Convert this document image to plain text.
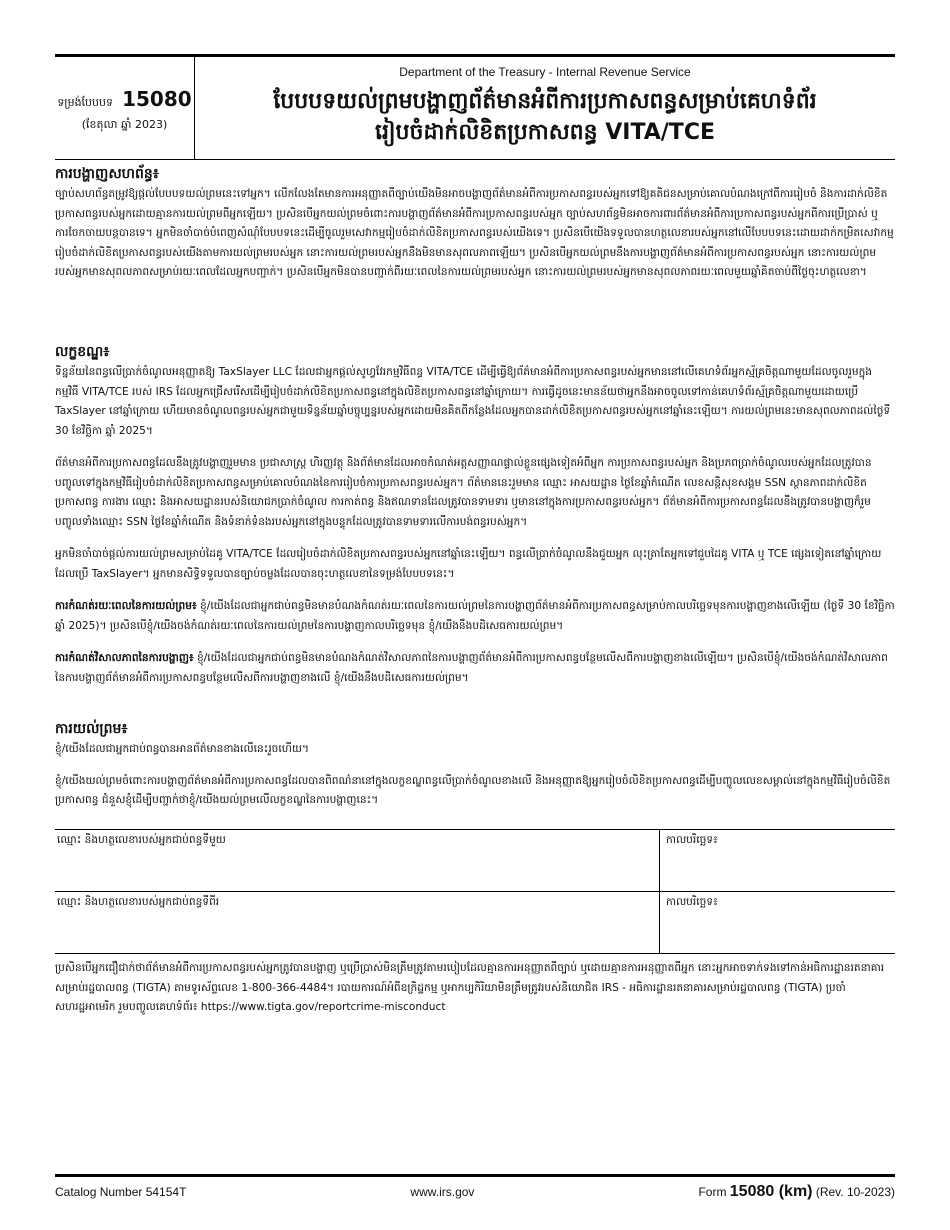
ទម្រង់បែបបទ 15080
(ខែតុលា ឆ្នាំ 2023)
Department of the Treasury - Internal Revenue Service
បែបបទយល់ព្រមបង្ហាញព័ត៌មានអំពីការប្រកាសពន្ធសម្រាប់គេហទំព័រ
រៀបចំដាក់លិខិតប្រកាសពន្ធ VITA/TCE

ការបង្ហាញសហព័ន្ធ៖

ច្បាប់សហព័ន្ធតម្រូវឱ្យផ្តល់បែបបទយល់ព្រមនេះទៅអ្នក។ លើកលែងតែមានការអនុញ្ញាតពីច្បាប់យើងមិនអាចបង្ហាញព័ត៌មានអំពីការប្រកាសពន្ធរបស់អ្នកទៅឱ្យគតិជនសម្រាប់គោលបំណងក្រៅពីការរៀបចំ និងការដាក់លិខិតប្រកាសពន្ធរបស់អ្នកដោយគ្មានការយល់ព្រមពីអ្នកឡើយ។ ប្រសិនបើអ្នកយល់ព្រមចំពោះការបង្ហាញព័ត៌មានអំពីការប្រកាសពន្ធរបស់អ្នក ច្បាប់សហព័ន្ធមិនអាចការពារព័ត៌មានអំពីការប្រកាសពន្ធរបស់អ្នកពីការប្រើប្រាស់ ឬការចែកចាយបន្តបានទេ។ អ្នកមិនចាំបាច់បំពេញសំណុំបែបបទនេះដើម្បីចូលរួមសេវាកម្មរៀបចំដាក់លិខិតប្រកាសពន្ធរបស់យើងទេ។ ប្រសិនបើយើងទទួលបានហត្ថលេខារបស់អ្នកនៅលើបែបបទនេះដោយដាក់កម្រិតសេវាកម្មរៀបចំដាក់លិខិតប្រកាសពន្ធរបស់យើងតាមការយល់ព្រមរបស់អ្នក នោះការយល់ព្រមរបស់អ្នកនឹងមិនមានសុពលភាពឡើយ។ ប្រសិនបើអ្នកយល់ព្រមនឹងការបង្ហាញព័ត៌មានអំពីការប្រកាសពន្ធរបស់អ្នក នោះការយល់ព្រមរបស់អ្នកមានសុពលភាពសម្រាប់រយៈពេលដែលអ្នកបញ្ជាក់។ ប្រសិនបើអ្នកមិនបានបញ្ជាក់ពីរយៈពេលនៃការយល់ព្រមរបស់អ្នក នោះការយល់ព្រមរបស់អ្នកមានសុពលភាពរយៈពេលមួយឆ្នាំគិតចាប់ពីថ្ងៃចុះហត្ថលេខា។

លក្ខខណ្ឌ៖

ទិន្នន័យនៃពន្ធលើប្រាក់ចំណូលអនុញ្ញាតឱ្យ TaxSlayer LLC ដែលជាអ្នកផ្តល់សូហ្វវែរកម្មវិធីពន្ធ VITA/TCE ដើម្បីធ្វើឱ្យព័ត៌មានអំពីការប្រកាសពន្ធរបស់អ្នកមាននៅលើគេហទំព័រអ្នកស្ម័គ្រចិត្តណាមួយដែលចូលរួមក្នុងកម្មវិធី VITA/TCE របស់ IRS ដែលអ្នកជ្រើសរើសដើម្បីរៀបចំដាក់លិខិតប្រកាសពន្ធនៅក្នុងលិខិតប្រកាសពន្ធនៅឆ្នាំក្រោយ។ ការធ្វើដូចនេះមានន័យថាអ្នកនឹងអាចចូលទៅកាន់គេហទំព័រស្ម័គ្រចិត្តណាមួយដោយប្រើ TaxSlayer នៅឆ្នាំក្រោយ ហើយមានចំណូលពន្ធរបស់អ្នកជាមួយទិន្នន័យឆ្នាំបច្ចុប្បន្នរបស់អ្នកដោយមិនគិតពីកន្លែងដែលអ្នកបានដាក់លិខិតប្រកាសពន្ធរបស់អ្នកនៅឆ្នាំនេះឡើយ។ ការយល់ព្រមនេះមានសុពលភាពដល់ថ្ងៃទី 30 ខែវិច្ឆិកា ឆ្នាំ 2025។

ព័ត៌មានអំពីការប្រកាសពន្ធដែលនឹងត្រូវបង្ហាញរួមមាន ប្រជាសាស្រ្ត ហិរញ្ញវត្ថុ និងព័ត៌មានដែលអាចកំណត់អត្តសញ្ញាណផ្ទាល់ខ្លួនផ្សេងទៀតអំពីអ្នក ការប្រកាសពន្ធរបស់អ្នក និងប្រភពប្រាក់ចំណូលរបស់អ្នកដែលត្រូវបានបញ្ចូលទៅក្នុងកម្មវិធីរៀបចំដាក់លិខិតប្រកាសពន្ធសម្រាប់គោលបំណងនៃការរៀបចំការប្រកាសពន្ធរបស់អ្នក។ ព័ត៌មាននេះរួមមាន ឈ្មោះ អាសយដ្ឋាន ថ្ងៃខែឆ្នាំកំណើត លេខសន្តិសុខសង្គម SSN ស្ថានភាពដាក់លិខិតប្រកាសពន្ធ ការងារ ឈ្មោះ និងអាសយដ្ឋានរបស់និយោជកប្រាក់ចំណូល ការកាត់ពន្ធ និងឥណទានដែលត្រូវបានទាមទារ ឬមាននៅក្នុងការប្រកាសពន្ធរបស់អ្នក។ ព័ត៌មានអំពីការប្រកាសពន្ធដែលនឹងត្រូវបានបង្ហាញក៏រួមបញ្ចូលទាំងឈ្មោះ SSN ថ្ងៃខែឆ្នាំកំណើត និងទំនាក់ទំនងរបស់អ្នកនៅក្នុងបន្ទុកដែលត្រូវបានទាមទារលើការបង់ពន្ធរបស់អ្នក។

អ្នកមិនចាំបាច់ផ្តល់ការយល់ព្រមសម្រាប់ដៃគូ VITA/TCE ដែលរៀបចំដាក់លិខិតប្រកាសពន្ធរបស់អ្នកនៅឆ្នាំនេះឡើយ។ ពន្ធលើប្រាក់ចំណូលនឹងជួយអ្នក លុះត្រាតែអ្នកទៅជួបដៃគូ VITA ឬ TCE ផ្សេងទៀតនៅឆ្នាំក្រោយដែលប្រើ TaxSlayer។ អ្នកមានសិទ្ធិទទួលបានច្បាប់ចម្លងដែលបានចុះហត្ថលេខានៃទម្រង់បែបបទនេះ។

ការកំណត់រយៈពេលនៃការយល់ព្រម៖ ខ្ញុំ/យើងដែលជាអ្នកជាប់ពន្ធមិនមានបំណងកំណត់រយៈពេលនៃការយល់ព្រមនៃការបង្ហាញព័ត៌មានអំពីការប្រកាសពន្ធសម្រាប់កាលបរិច្ឆេទមុនការបង្ហាញខាងលើឡើយ (ថ្ងៃទី 30 ខែវិច្ឆិកាឆ្នាំ 2025)។ ប្រសិនបើខ្ញុំ/យើងចង់កំណត់រយៈពេលនៃការយល់ព្រមនៃការបង្ហាញកាលបរិច្ឆេទមុន ខ្ញុំ/យើងនឹងបដិសេធការយល់ព្រម។

ការកំណត់វិសាលភាពនៃការបង្ហាញ៖ ខ្ញុំ/យើងដែលជាអ្នកជាប់ពន្ធមិនមានបំណងកំណត់វិសាលភាពនៃការបង្ហាញព័ត៌មានអំពីការប្រកាសពន្ធបន្ថែមលើសពីការបង្ហាញខាងលើឡើយ។ ប្រសិនបើខ្ញុំ/យើងចង់កំណត់វិសាលភាពនៃការបង្ហាញព័ត៌មានអំពីការប្រកាសពន្ធបន្ថែមលើសពីការបង្ហាញខាងលើ ខ្ញុំ/យើងនឹងបដិសេធការយល់ព្រម។

ការយល់ព្រម៖

ខ្ញុំ/យើងដែលជាអ្នកជាប់ពន្ធបានអានព័ត៌មានខាងលើនេះរួចហើយ។

ខ្ញុំ/យើងយល់ព្រមចំពោះការបង្ហាញព័ត៌មានអំពីការប្រកាសពន្ធដែលបានពិពណ៌នានៅក្នុងលក្ខខណ្ឌពន្ធលើប្រាក់ចំណូលខាងលើ និងអនុញ្ញាតឱ្យអ្នករៀបចំលិខិតប្រកាសពន្ធដើម្បីបញ្ចូលលេខសម្គាល់នៅក្នុងកម្មវិធីរៀបចំលិខិតប្រកាសពន្ធ ជំនួសខ្ញុំដើម្បីបញ្ជាក់ថាខ្ញុំ/យើងយល់ព្រមលើលក្ខខណ្ឌនៃការបង្ហាញនេះ។

ឈ្មោះ និងហត្ថលេខារបស់អ្នកជាប់ពន្ធទីមួយ	កាលបរិច្ឆេទ៖
ឈ្មោះ និងហត្ថលេខារបស់អ្នកជាប់ពន្ធទីពីរ	កាលបរិច្ឆេទ៖
ប្រសិនបើអ្នកជឿជាក់ថាព័ត៌មានអំពីការប្រកាសពន្ធរបស់អ្នកត្រូវបានបង្ហាញ ឬប្រើប្រាស់មិនត្រឹមត្រូវតាមរបៀបដែលគ្មានការអនុញ្ញាតពីច្បាប់ ឬដោយគ្មានការអនុញ្ញាតពីអ្នក នោះអ្នកអាចទាក់ទងទៅកាន់អធិការដ្ឋានរតនាគារសម្រាប់រដ្ឋបាលពន្ធ (TIGTA) តាមទូរស័ព្ទលេខ 1-800-366-4484។ របាយការណ៍អំពីឧក្រិដ្ឋកម្ម ឬអាកប្បកិរិយាមិនត្រឹមត្រូវរបស់និយោជិត IRS - អធិការដ្ឋានរតនាគារសម្រាប់រដ្ឋបាលពន្ធ (TIGTA) ប្រចាំសហរដ្ឋអាមេរិក រួមបញ្ចូលគេហទំព័រ៖ https://www.tigta.gov/reportcrime-misconduct
Catalog Number 54154T	www.irs.gov	Form 15080 (km) (Rev. 10-2023)
